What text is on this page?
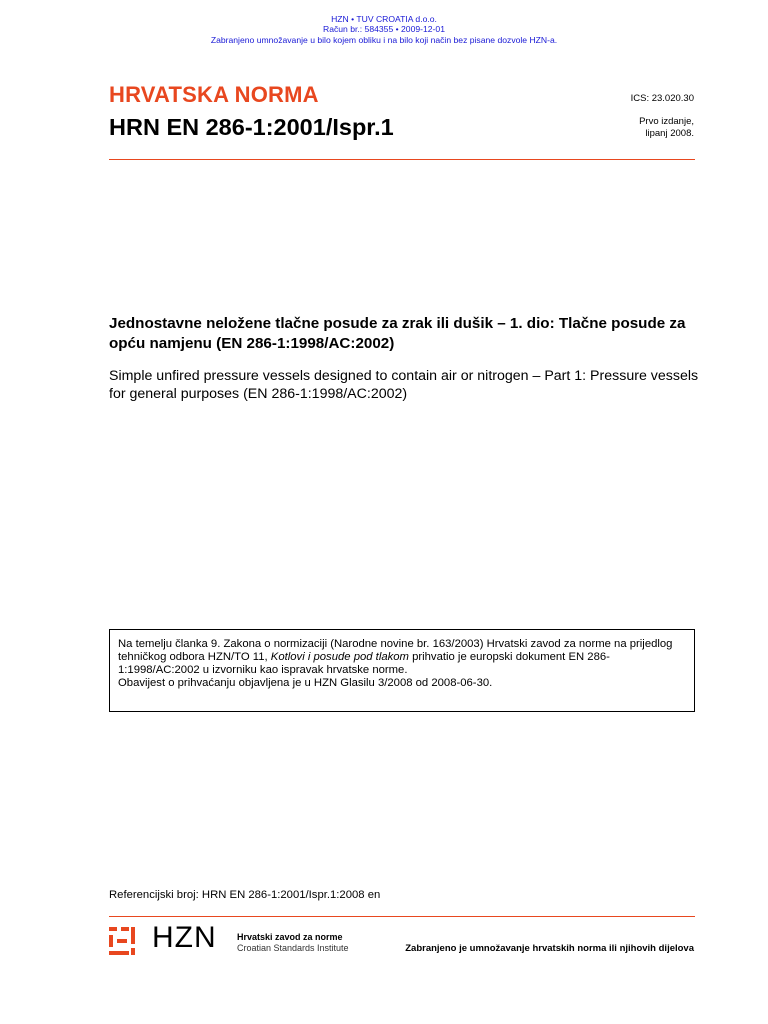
HZN • TUV CROATIA d.o.o.
Račun br.: 584355 • 2009-12-01
Zabranjeno umnožavanje u bilo kojem obliku i na bilo koji način bez pisane dozvole HZN-a.
HRVATSKA NORMA
HRN EN 286-1:2001/Ispr.1
ICS: 23.020.30
Prvo izdanje,
lipanj 2008.
Jednostavne neložene tlačne posude za zrak ili dušik – 1. dio: Tlačne posude za opću namjenu (EN 286-1:1998/AC:2002)
Simple unfired pressure vessels designed to contain air or nitrogen – Part 1: Pressure vessels for general purposes (EN 286-1:1998/AC:2002)
Na temelju članka 9. Zakona o normizaciji (Narodne novine br. 163/2003) Hrvatski zavod za norme na prijedlog tehničkog odbora HZN/TO 11, Kotlovi i posude pod tlakom prihvatio je europski dokument EN 286-1:1998/AC:2002 u izvorniku kao ispravak hrvatske norme.
Obavijest o prihvaćanju objavljena je u HZN Glasilu 3/2008 od 2008-06-30.
Referencijski broj: HRN EN 286-1:2001/Ispr.1:2008 en
HZN Hrvatski zavod za norme
Croatian Standards Institute	Zabranjeno je umnožavanje hrvatskih norma ili njihovih dijelova
